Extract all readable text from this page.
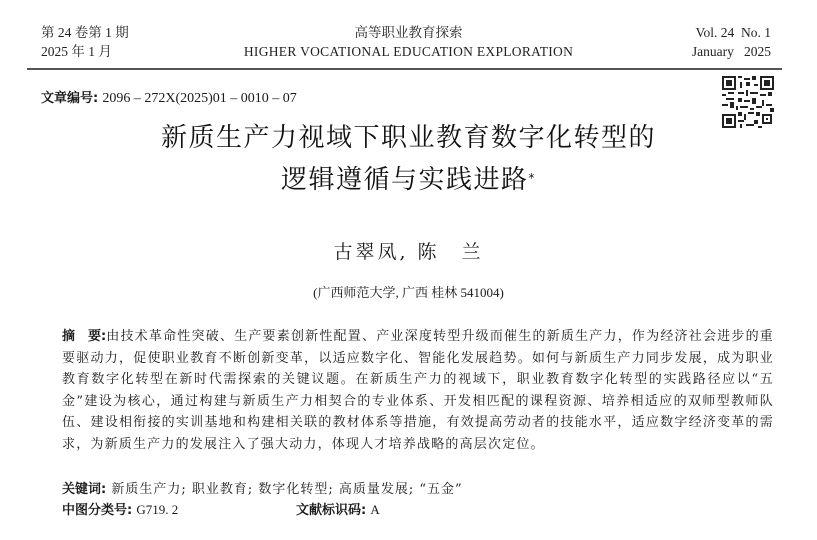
第 24 卷第 1 期
2025 年 1 月
高等职业教育探索
HIGHER VOCATIONAL EDUCATION EXPLORATION
Vol. 24  No. 1
January   2025
文章编号: 2096 – 272X(2025)01 – 0010 – 07
新质生产力视域下职业教育数字化转型的
逻辑遵循与实践进路*
古翠凤, 陈　兰
(广西师范大学, 广西 桂林 541004)
摘　要:由技术革命性突破、生产要素创新性配置、产业深度转型升级而催生的新质生产力，作为经济社会进步的重要驱动力，促使职业教育不断创新变革，以适应数字化、智能化发展趋势。如何与新质生产力同步发展，成为职业教育数字化转型在新时代需探索的关键议题。在新质生产力的视域下，职业教育数字化转型的实践路径应以“五金”建设为核心，通过构建与新质生产力相契合的专业体系、开发相匹配的课程资源、培养相适应的双师型教师队伍、建设相衔接的实训基地和构建相关联的教材体系等措施，有效提高劳动者的技能水平，适应数字经济变革的需求，为新质生产力的发展注入了强大动力，体现人才培养战略的高层次定位。
关键词: 新质生产力; 职业教育; 数字化转型; 高质量发展; “五金”
中图分类号: G719. 2	文献标识码: A
